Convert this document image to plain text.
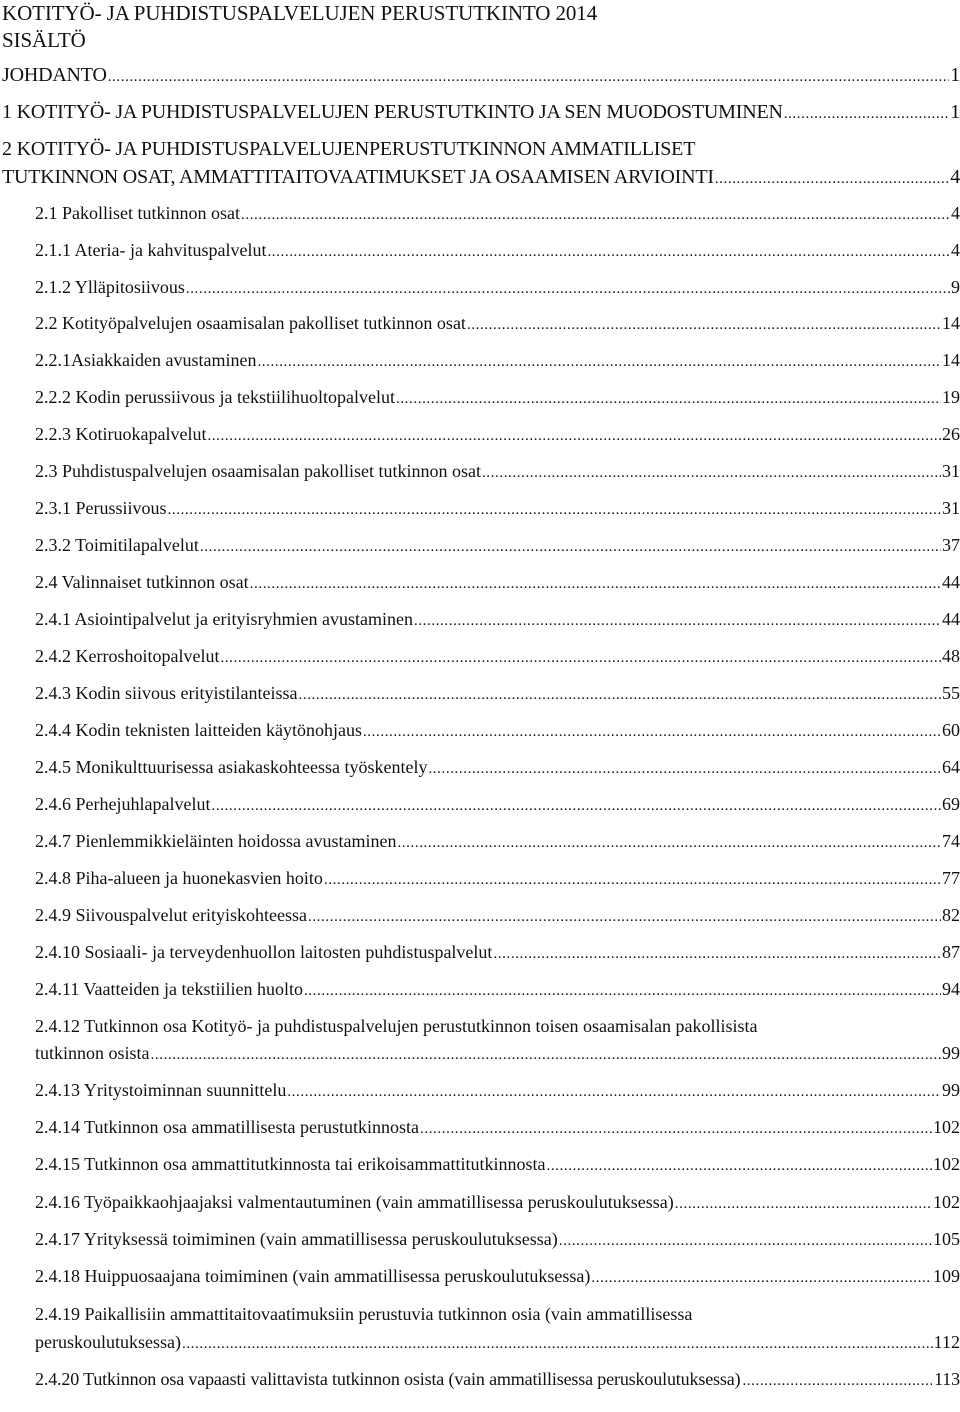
KOTITYÖ- JA PUHDISTUSPALVELUJEN PERUSTUTKINTO 2014
SISÄLTÖ
JOHDANTO .....	1
1 KOTITYÖ- JA PUHDISTUSPALVELUJEN PERUSTUTKINTO JA SEN MUODOSTUMINEN .....	1
2 KOTITYÖ- JA PUHDISTUSPALVELUJENPERUSTUTKINNON AMMATILLISET
TUTKINNON OSAT, AMMATTITAITOVAATIMUKSET JA OSAAMISEN ARVIOINTI .....	4
2.1 Pakolliset tutkinnon osat .....	4
2.1.1 Ateria- ja kahvituspalvelut .....	4
2.1.2 Ylläpitosiivous .....	9
2.2 Kotityöpalvelujen osaamisalan pakolliset tutkinnon osat .....	14
2.2.1Asiakkaiden avustaminen .....	14
2.2.2 Kodin perussiivous ja tekstiilihuoltopalvelut .....	19
2.2.3 Kotiruokapalvelut .....	26
2.3 Puhdistuspalvelujen osaamisalan pakolliset tutkinnon osat .....	31
2.3.1 Perussiivous .....	31
2.3.2 Toimitilapalvelut .....	37
2.4 Valinnaiset tutkinnon osat .....	44
2.4.1 Asiointipalvelut ja erityisryhmien avustaminen .....	44
2.4.2 Kerroshoitopalvelut .....	48
2.4.3 Kodin siivous erityistilanteissa .....	55
2.4.4 Kodin teknisten laitteiden käytönohjaus .....	60
2.4.5 Monikulttuurisessa asiakaskohteessa työskentely .....	64
2.4.6 Perhejuhlapalvelut .....	69
2.4.7 Pienlemmikkieläinten hoidossa avustaminen .....	74
2.4.8 Piha-alueen ja huonekasvien hoito .....	77
2.4.9 Siivouspalvelut erityiskohteessa .....	82
2.4.10 Sosiaali- ja terveydenhuollon laitosten puhdistuspalvelut .....	87
2.4.11 Vaatteiden ja tekstiilien huolto .....	94
2.4.12 Tutkinnon osa Kotityö- ja puhdistuspalvelujen perustutkinnon toisen osaamisalan pakollisista
tutkinnon osista .....	99
2.4.13 Yritystoiminnan suunnittelu .....	99
2.4.14 Tutkinnon osa ammatillisesta perustutkinnosta .....	102
2.4.15 Tutkinnon osa ammattitutkinnosta tai erikoisammattitutkinnosta .....	102
2.4.16 Työpaikkaohjaajaksi valmentautuminen (vain ammatillisessa peruskoulutuksessa) .....	102
2.4.17 Yrityksessä toimiminen (vain ammatillisessa peruskoulutuksessa) .....	105
2.4.18 Huippuosaajana toimiminen (vain ammatillisessa peruskoulutuksessa) .....	109
2.4.19 Paikallisiin ammattitaitovaatimuksiin perustuvia tutkinnon osia (vain ammatillisessa
peruskoulutuksessa) .....	112
2.4.20 Tutkinnon osa vapaasti valittavista tutkinnon osista (vain ammatillisessa peruskoulutuksessa) .....	113
